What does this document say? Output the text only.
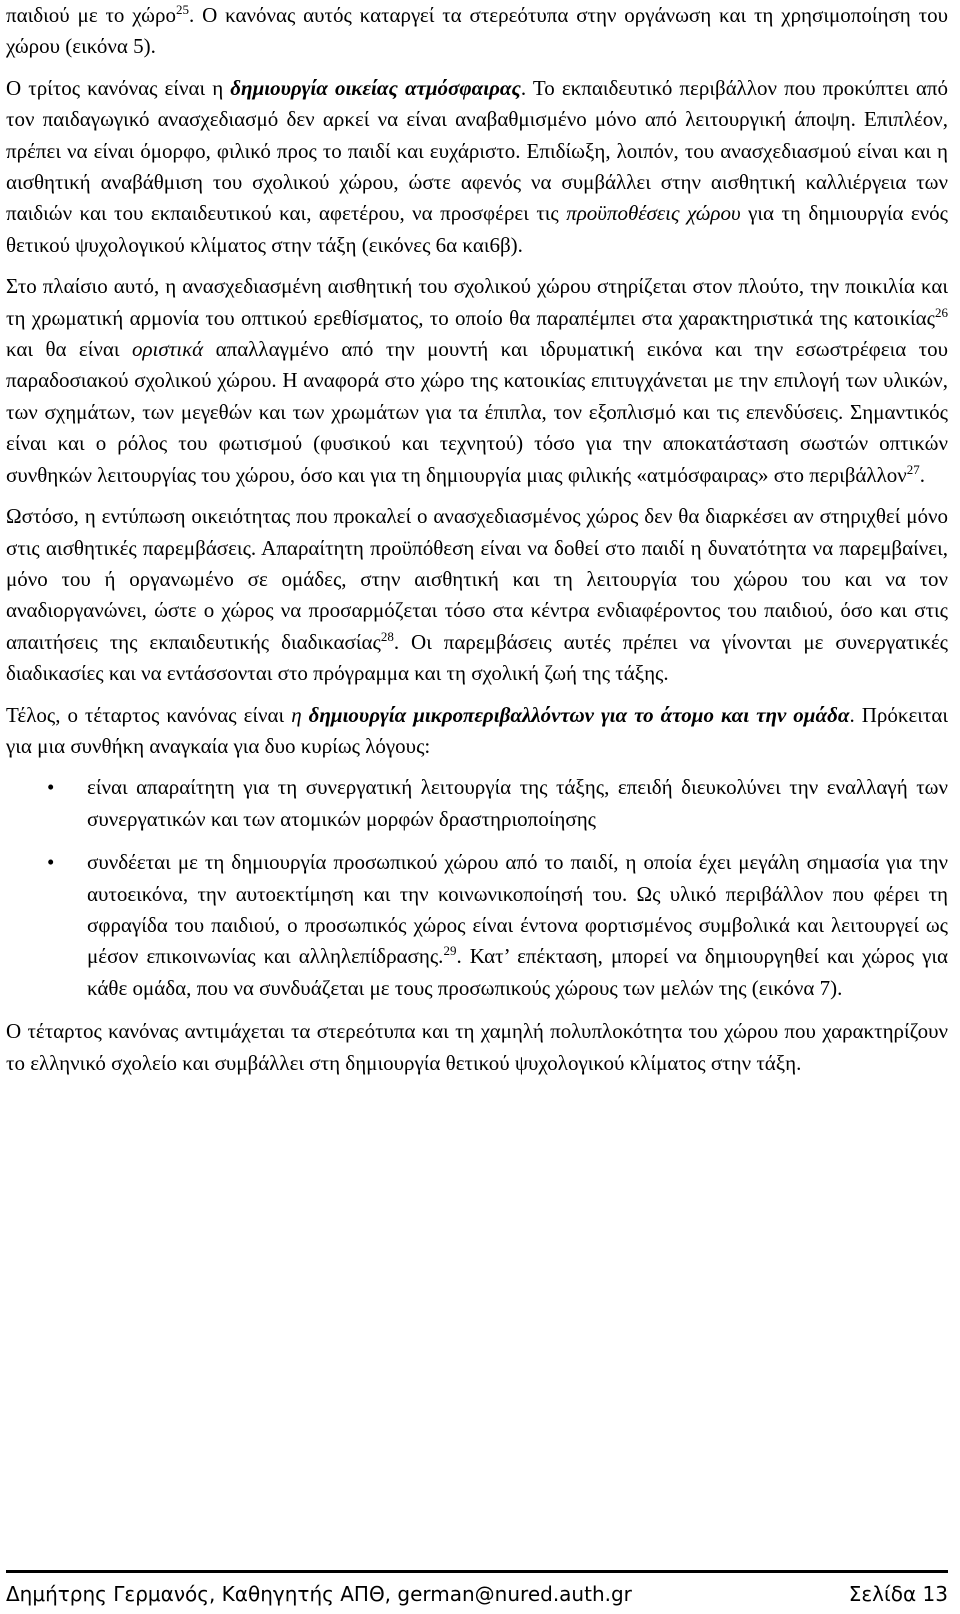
παιδιού με το χώρο$^{25}$. Ο κανόνας αυτός καταργεί τα στερεότυπα στην οργάνωση και τη χρησιμοποίηση του χώρου (εικόνα 5).

Ο τρίτος κανόνας είναι η δημιουργία οικείας ατμόσφαιρας. Το εκπαιδευτικό περιβάλλον που προκύπτει από τον παιδαγωγικό ανασχεδιασμό δεν αρκεί να είναι αναβαθμισμένο μόνο από λειτουργική άποψη. Επιπλέον, πρέπει να είναι όμορφο, φιλικό προς το παιδί και ευχάριστο. Επιδίωξη, λοιπόν, του ανασχεδιασμού είναι και η αισθητική αναβάθμιση του σχολικού χώρου, ώστε αφενός να συμβάλλει στην αισθητική καλλιέργεια των παιδιών και του εκπαιδευτικού και, αφετέρου, να προσφέρει τις προϋποθέσεις χώρου για τη δημιουργία ενός θετικού ψυχολογικού κλίματος στην τάξη (εικόνες 6α και6β).

Στο πλαίσιο αυτό, η ανασχεδιασμένη αισθητική του σχολικού χώρου στηρίζεται στον πλούτο, την ποικιλία και τη χρωματική αρμονία του οπτικού ερεθίσματος, το οποίο θα παραπέμπει στα χαρακτηριστικά της κατοικίας$^{26}$ και θα είναι οριστικά απαλλαγμένο από την μουντή και ιδρυματική εικόνα και την εσωστρέφεια του παραδοσιακού σχολικού χώρου. Η αναφορά στο χώρο της κατοικίας επιτυγχάνεται με την επιλογή των υλικών, των σχημάτων, των μεγεθών και των χρωμάτων για τα έπιπλα, τον εξοπλισμό και τις επενδύσεις. Σημαντικός είναι και ο ρόλος του φωτισμού (φυσικού και τεχνητού) τόσο για την αποκατάσταση σωστών οπτικών συνθηκών λειτουργίας του χώρου, όσο και για τη δημιουργία μιας φιλικής «ατμόσφαιρας» στο περιβάλλον$^{27}$.

Ωστόσο, η εντύπωση οικειότητας που προκαλεί ο ανασχεδιασμένος χώρος δεν θα διαρκέσει αν στηριχθεί μόνο στις αισθητικές παρεμβάσεις. Απαραίτητη προϋπόθεση είναι να δοθεί στο παιδί η δυνατότητα να παρεμβαίνει, μόνο του ή οργανωμένο σε ομάδες, στην αισθητική και τη λειτουργία του χώρου του και να τον αναδιοργανώνει, ώστε ο χώρος να προσαρμόζεται τόσο στα κέντρα ενδιαφέροντος του παιδιού, όσο και στις απαιτήσεις της εκπαιδευτικής διαδικασίας$^{28}$. Οι παρεμβάσεις αυτές πρέπει να γίνονται με συνεργατικές διαδικασίες και να εντάσσονται στο πρόγραμμα και τη σχολική ζωή της τάξης.

Τέλος, ο τέταρτος κανόνας είναι η δημιουργία μικροπεριβαλλόντων για το άτομο και την ομάδα. Πρόκειται για μια συνθήκη αναγκαία για δυο κυρίως λόγους:

• είναι απαραίτητη για τη συνεργατική λειτουργία της τάξης, επειδή διευκολύνει την εναλλαγή των συνεργατικών και των ατομικών μορφών δραστηριοποίησης
• συνδέεται με τη δημιουργία προσωπικού χώρου από το παιδί, η οποία έχει μεγάλη σημασία για την αυτοεικόνα, την αυτοεκτίμηση και την κοινωνικοποίησή του. Ως υλικό περιβάλλον που φέρει τη σφραγίδα του παιδιού, ο προσωπικός χώρος είναι έντονα φορτισμένος συμβολικά και λειτουργεί ως μέσον επικοινωνίας και αλληλεπίδρασης.$^{29}$. Κατ’ επέκταση, μπορεί να δημιουργηθεί και χώρος για κάθε ομάδα, που να συνδυάζεται με τους προσωπικούς χώρους των μελών της (εικόνα 7).

Ο τέταρτος κανόνας αντιμάχεται τα στερεότυπα και τη χαμηλή πολυπλοκότητα του χώρου που χαρακτηρίζουν το ελληνικό σχολείο και συμβάλλει στη δημιουργία θετικού ψυχολογικού κλίματος στην τάξη.

Δημήτρης Γερμανός, Καθηγητής ΑΠΘ, german@nured.auth.gr	Σελίδα 13
